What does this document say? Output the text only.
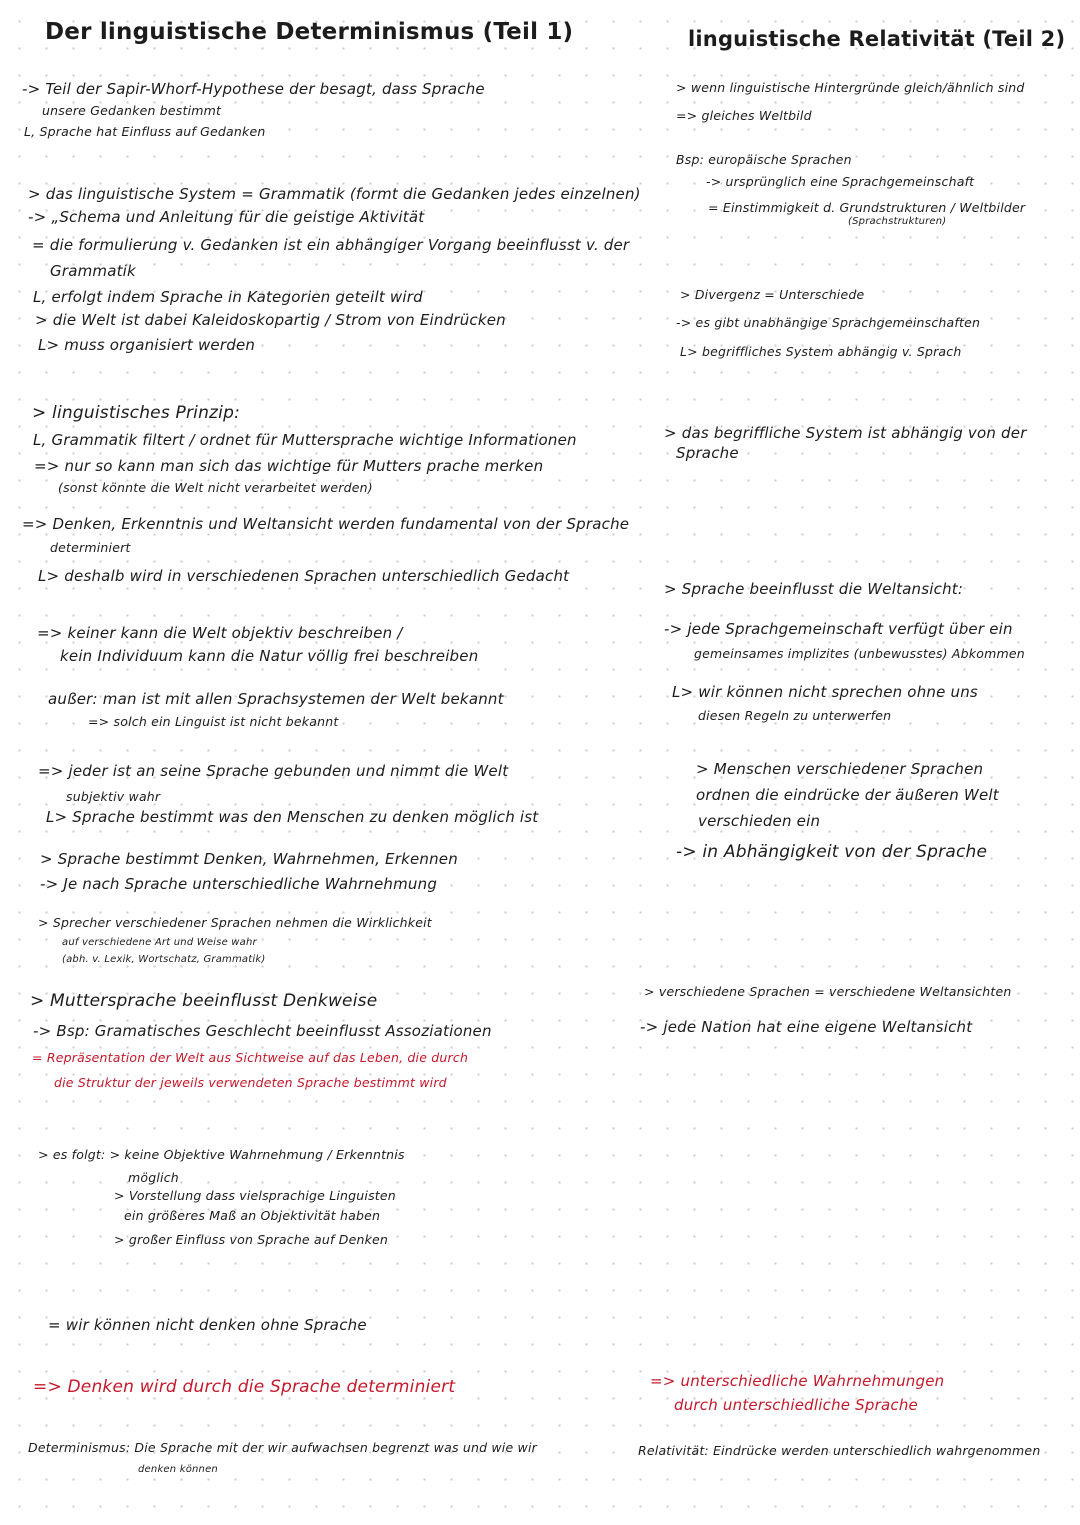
Der linguistische Determinismus (Teil 1)

-> Teil der Sapir-Whorf-Hypothese der besagt, dass Sprache

unsere Gedanken bestimmt

L, Sprache hat Einfluss auf Gedanken

> das linguistische System = Grammatik (formt die Gedanken jedes einzelnen)

-> „Schema und Anleitung für die geistige Aktivität

= die formulierung v. Gedanken ist ein abhängiger Vorgang beeinflusst v. der

Grammatik

L, erfolgt indem Sprache in Kategorien geteilt wird

> die Welt ist dabei Kaleidoskopartig / Strom von Eindrücken

L> muss organisiert werden

> linguistisches Prinzip:

L, Grammatik filtert / ordnet für Muttersprache wichtige Informationen

=> nur so kann man sich das wichtige für Mutters prache merken

(sonst könnte die Welt nicht verarbeitet werden)

=> Denken, Erkenntnis und Weltansicht werden fundamental von der Sprache

determiniert

L> deshalb wird in verschiedenen Sprachen unterschiedlich Gedacht

=> keiner kann die Welt objektiv beschreiben /

kein Individuum kann die Natur völlig frei beschreiben

außer: man ist mit allen Sprachsystemen der Welt bekannt

=> solch ein Linguist ist nicht bekannt

=> jeder ist an seine Sprache gebunden und nimmt die Welt

subjektiv wahr

L> Sprache bestimmt was den Menschen zu denken möglich ist

> Sprache bestimmt Denken, Wahrnehmen, Erkennen

-> Je nach Sprache unterschiedliche Wahrnehmung

> Sprecher verschiedener Sprachen nehmen die Wirklichkeit

auf verschiedene Art und Weise wahr

(abh. v. Lexik, Wortschatz, Grammatik)

> Muttersprache beeinflusst Denkweise

-> Bsp: Gramatisches Geschlecht beeinflusst Assoziationen

= Repräsentation der Welt aus Sichtweise auf das Leben, die durch

die Struktur der jeweils verwendeten Sprache bestimmt wird

> es folgt: > keine Objektive Wahrnehmung / Erkenntnis

möglich

> Vorstellung dass vielsprachige Linguisten

ein größeres Maß an Objektivität haben

> großer Einfluss von Sprache auf Denken

= wir können nicht denken ohne Sprache

=> Denken wird durch die Sprache determiniert

Determinismus: Die Sprache mit der wir aufwachsen begrenzt was und wie wir

denken können

linguistische Relativität (Teil 2)

> wenn linguistische Hintergründe gleich/ähnlich sind

=> gleiches Weltbild

Bsp: europäische Sprachen

-> ursprünglich eine Sprachgemeinschaft

= Einstimmigkeit d. Grundstrukturen / Weltbilder

(Sprachstrukturen)

> Divergenz = Unterschiede

-> es gibt unabhängige Sprachgemeinschaften

L> begriffliches System abhängig v. Sprach

> das begriffliche System ist abhängig von der

Sprache

> Sprache beeinflusst die Weltansicht:

-> jede Sprachgemeinschaft verfügt über ein

gemeinsames implizites (unbewusstes) Abkommen

L> wir können nicht sprechen ohne uns

diesen Regeln zu unterwerfen

> Menschen verschiedener Sprachen

ordnen die eindrücke der äußeren Welt

verschieden ein

-> in Abhängigkeit von der Sprache

> verschiedene Sprachen = verschiedene Weltansichten

-> jede Nation hat eine eigene Weltansicht

=> unterschiedliche Wahrnehmungen

durch unterschiedliche Sprache

Relativität: Eindrücke werden unterschiedlich wahrgenommen
